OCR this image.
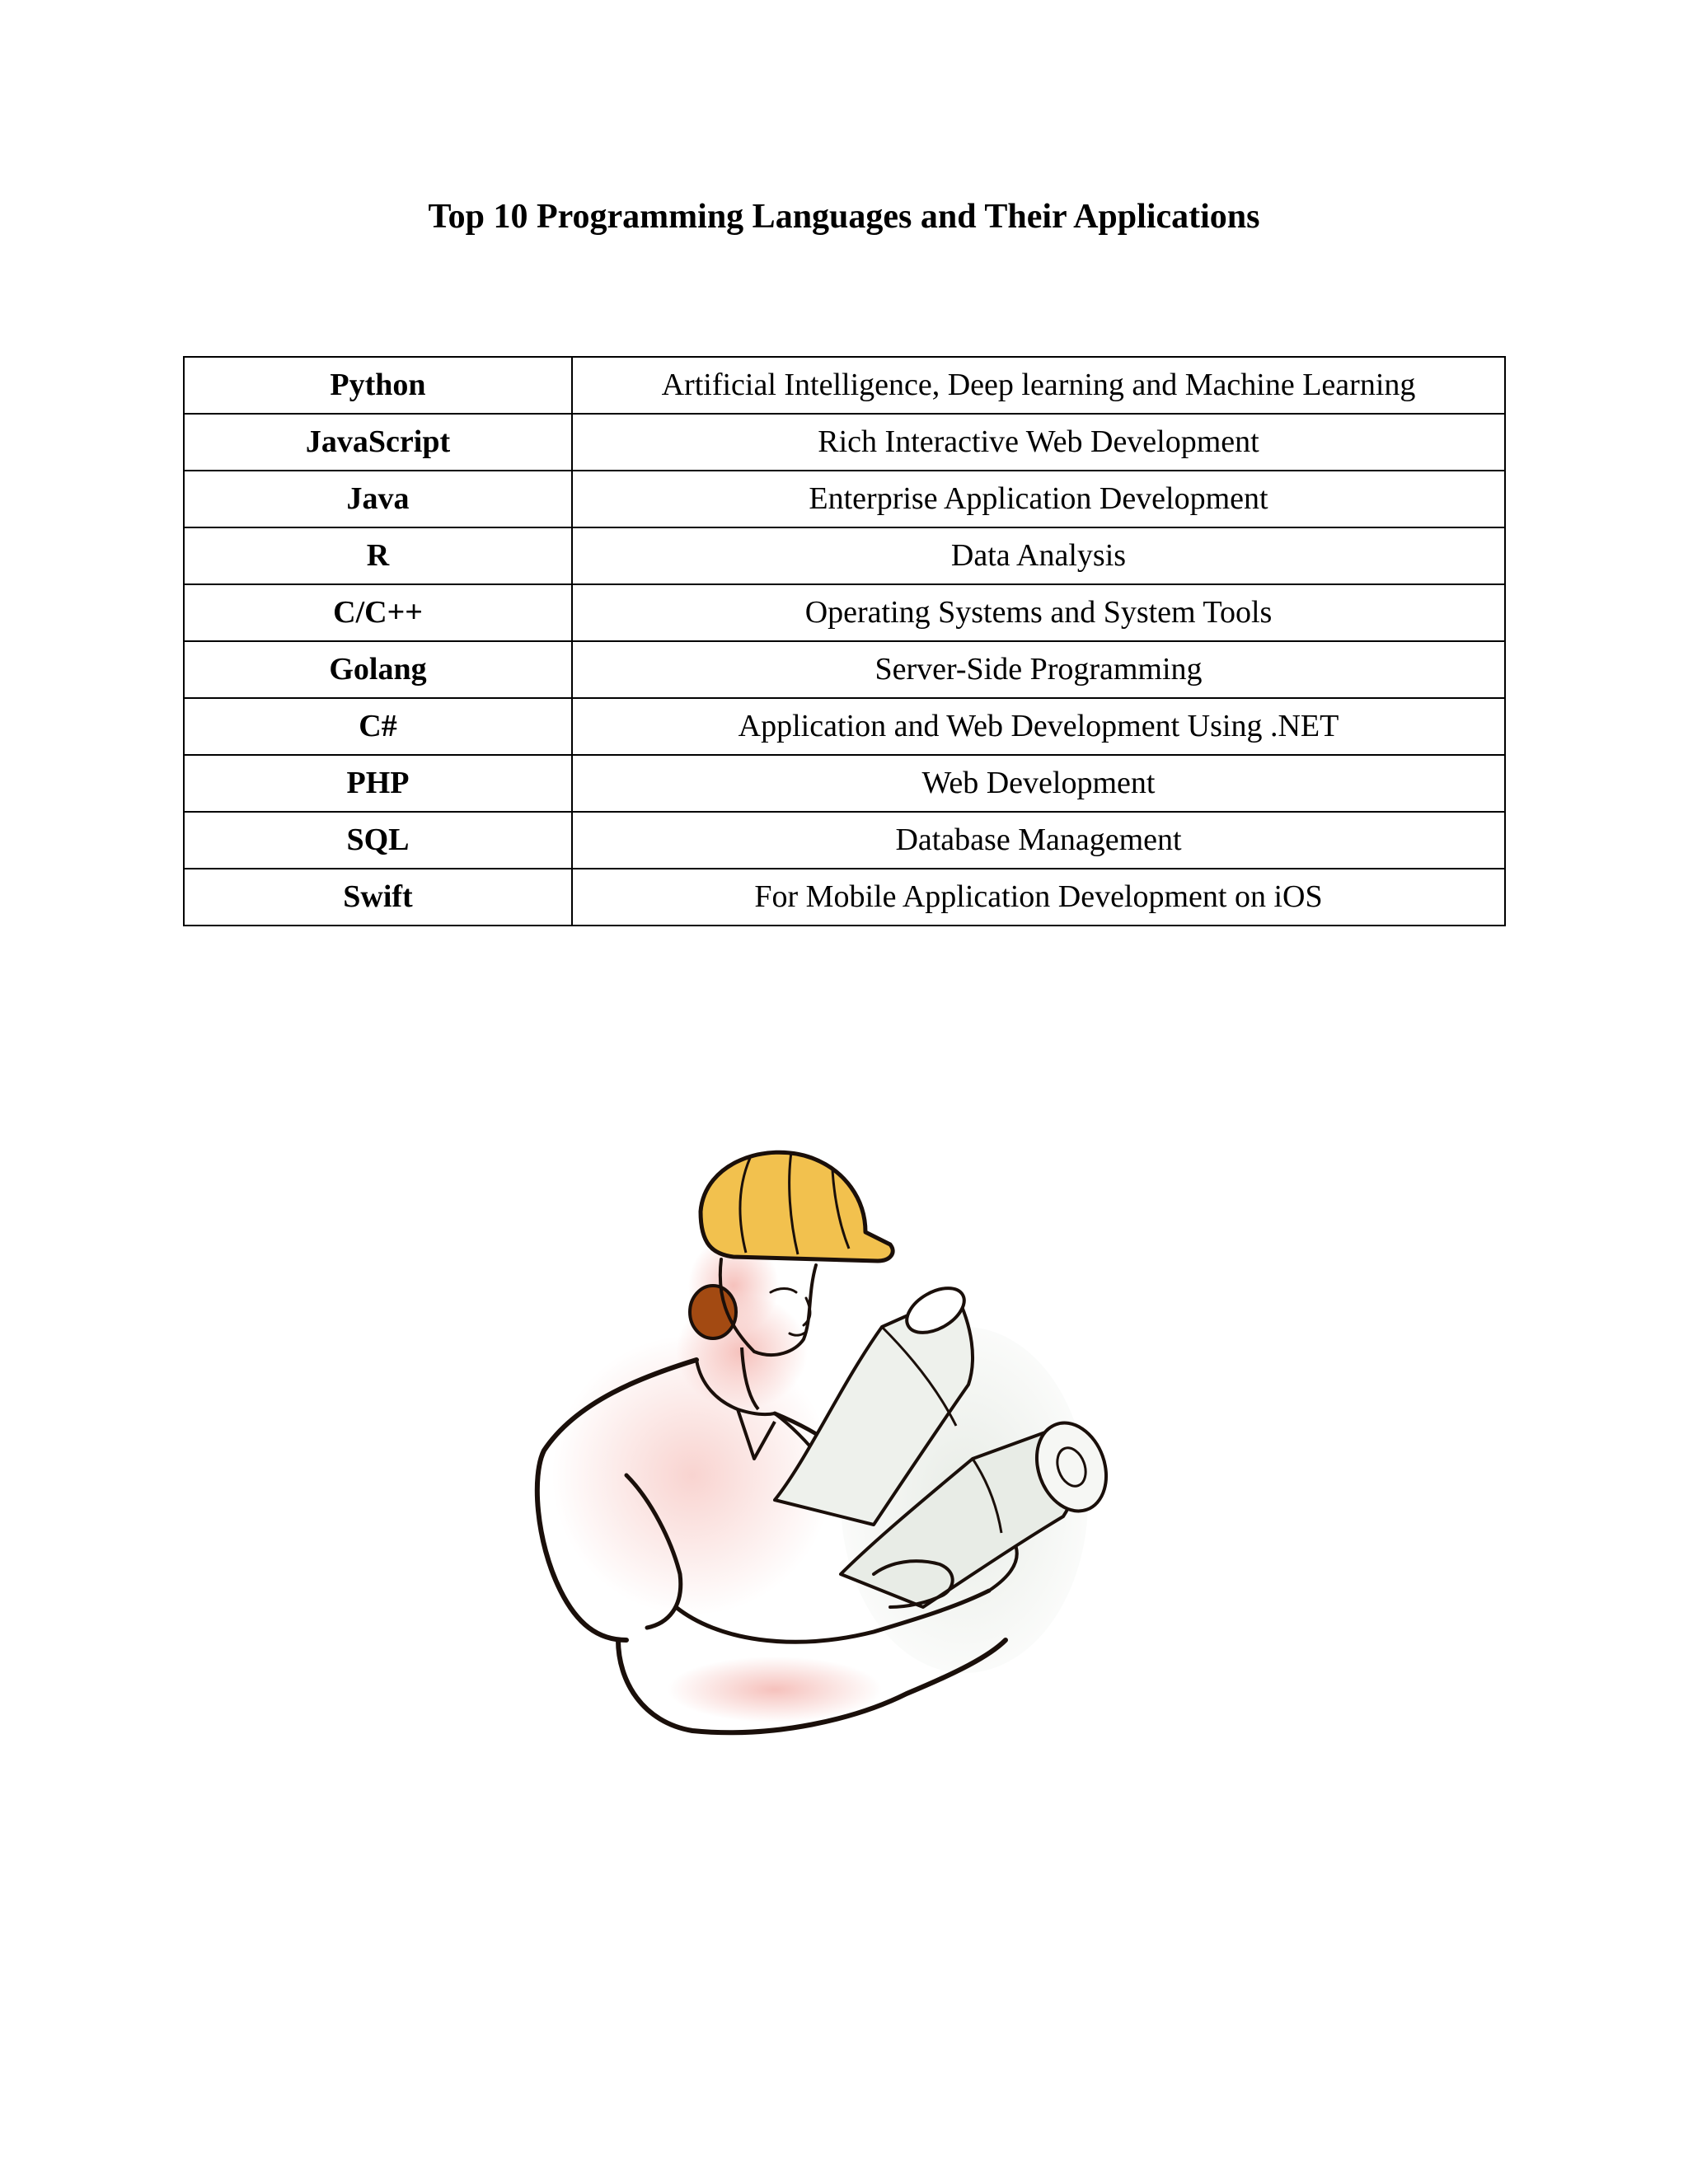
Top 10 Programming Languages and Their Applications
Python	Artificial Intelligence, Deep learning and Machine Learning
JavaScript	Rich Interactive Web Development
Java	Enterprise Application Development
R	Data Analysis
C/C++	Operating Systems and System Tools
Golang	Server-Side Programming
C#	Application and Web Development Using .NET
PHP	Web Development
SQL	Database Management
Swift	For Mobile Application Development on iOS
